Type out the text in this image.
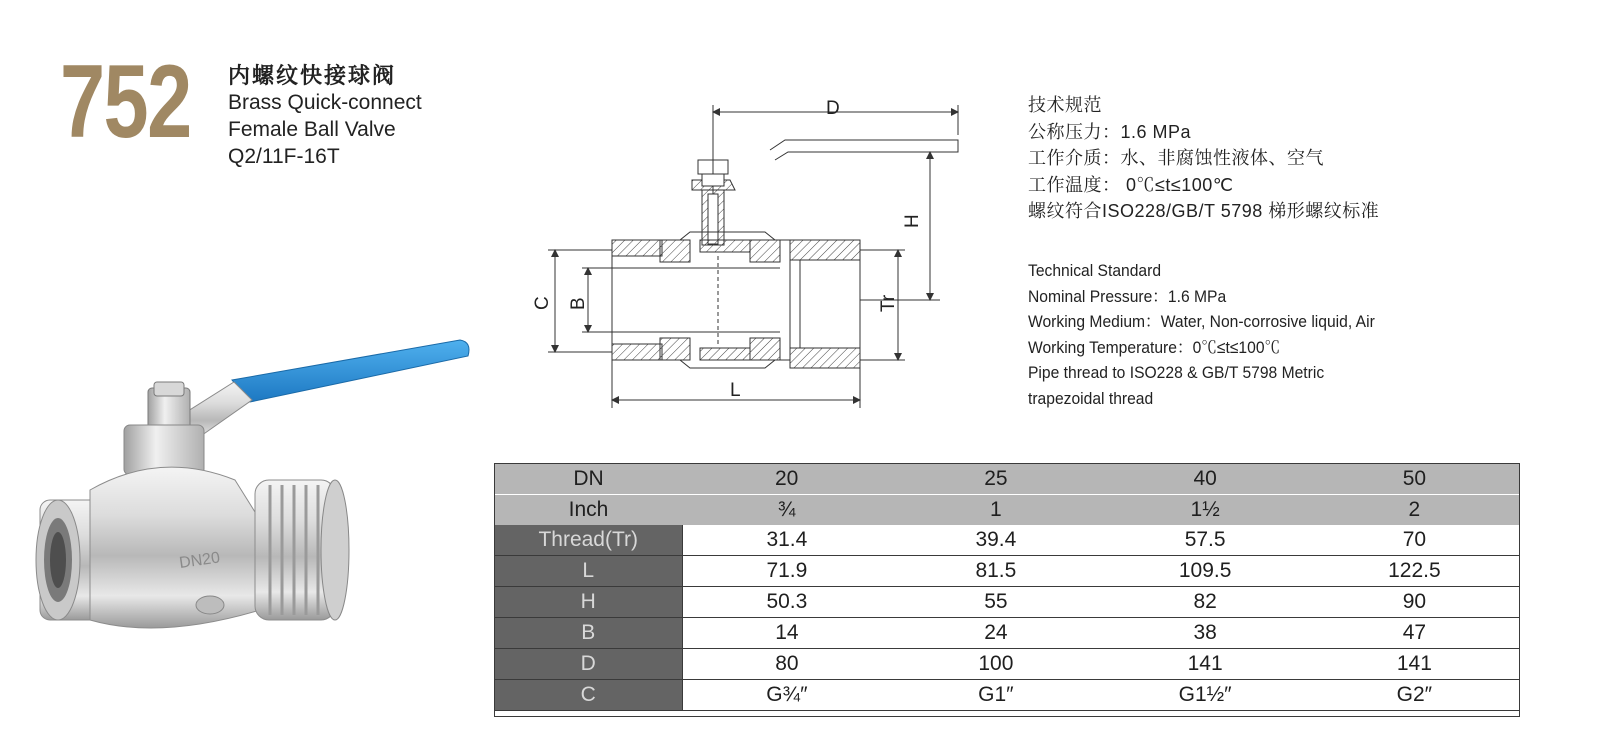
752 内螺纹快接球阀
Brass Quick-connect
Female Ball Valve
Q2/11F-16T
DN20
D
H
C B	Tr
L
技术规范
公称压力：1.6 MPa
工作介质：水、非腐蚀性液体、空气
工作温度： 0℃≤t≤100℃
螺纹符合ISO228/GB/T 5798 梯形螺纹标准
Technical Standard
Nominal Pressure：1.6 MPa
Working Medium：Water, Non-corrosive liquid, Air
Working Temperature：0℃≤t≤100℃
Pipe thread to ISO228 & GB/T 5798 Metric
trapezoidal thread
DN	20	25	40	50
Inch	¾	1	1½	2
Thread(Tr)	31.4	39.4	57.5	70
L	71.9	81.5	109.5	122.5
H	50.3	55	82	90
B	14	24	38	47
D	80	100	141	141
C	G¾″	G1″	G1½″	G2″
